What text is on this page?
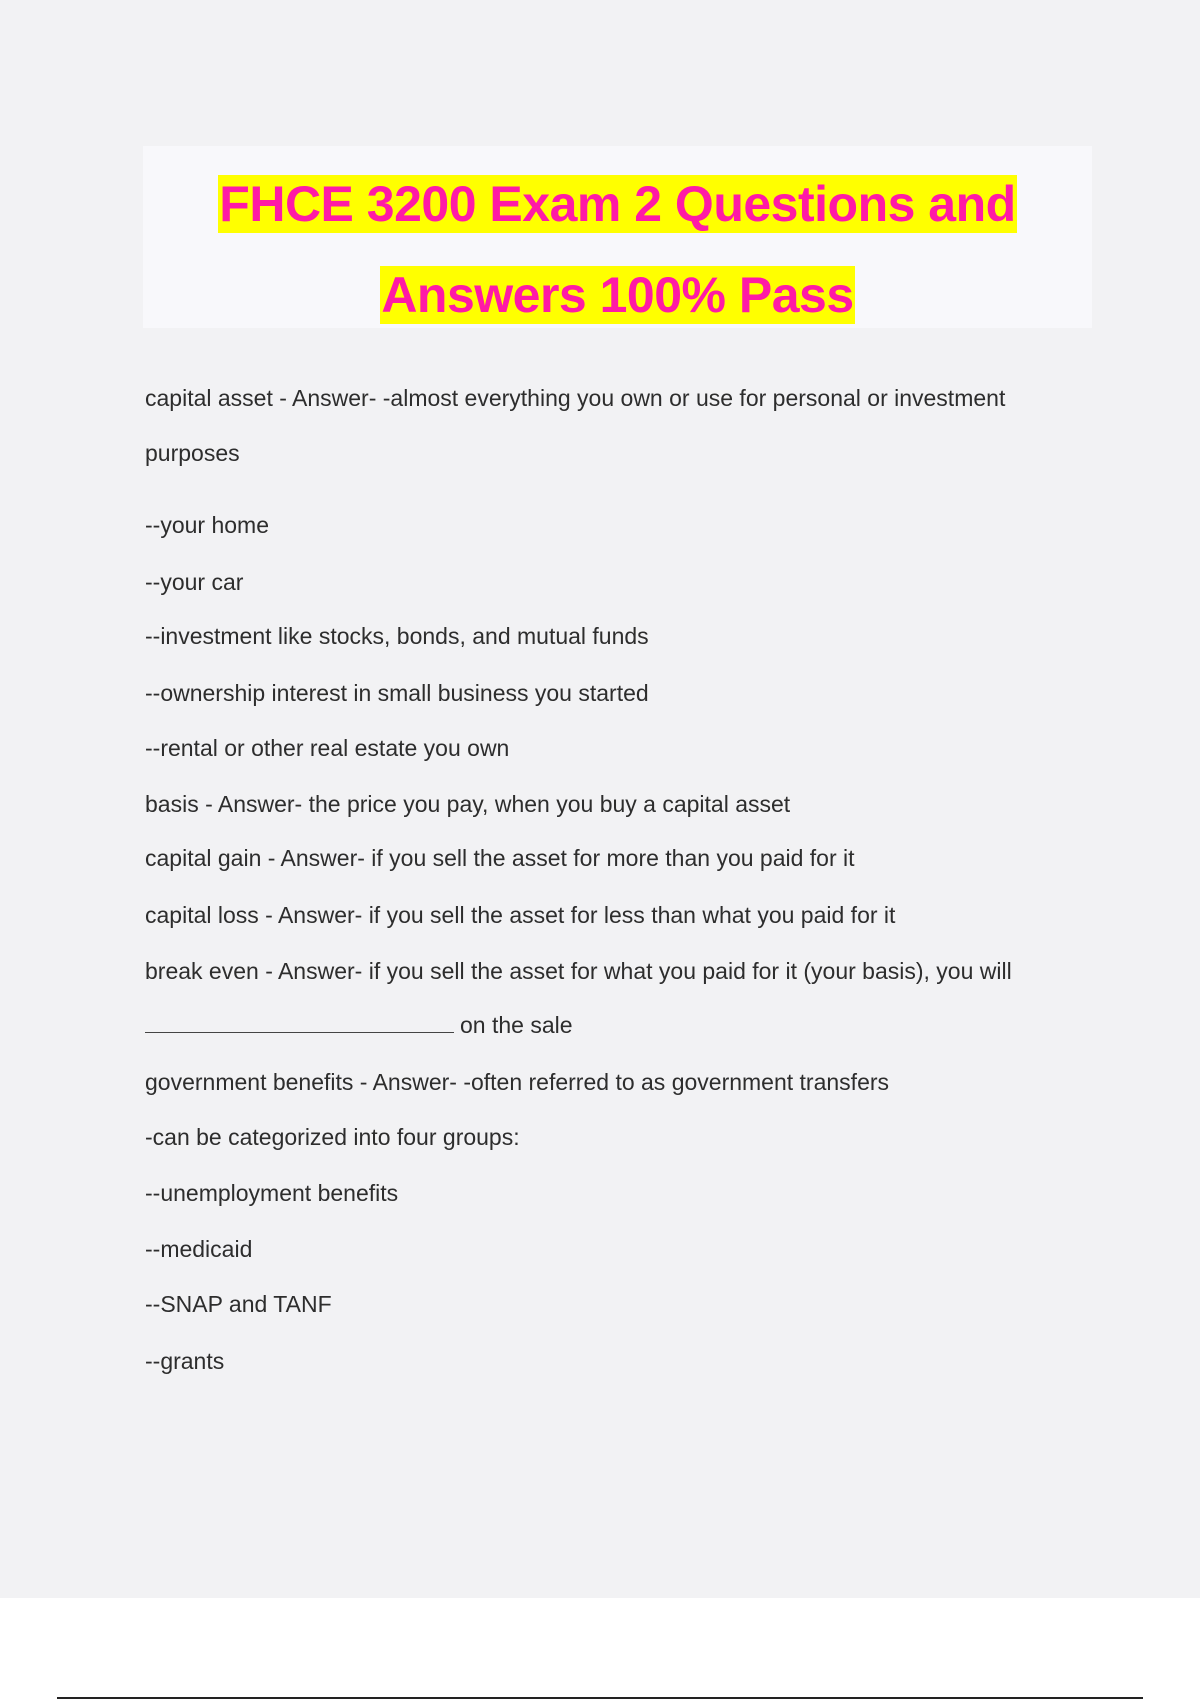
FHCE 3200 Exam 2 Questions and
Answers 100% Pass

capital asset - Answer- -almost everything you own or use for personal or investment

purposes

--your home

--your car

--investment like stocks, bonds, and mutual funds

--ownership interest in small business you started

--rental or other real estate you own

basis - Answer- the price you pay, when you buy a capital asset

capital gain - Answer- if you sell the asset for more than you paid for it

capital loss - Answer- if you sell the asset for less than what you paid for it

break even - Answer- if you sell the asset for what you paid for it (your basis), you will

on the sale

government benefits - Answer- -often referred to as government transfers

-can be categorized into four groups:

--unemployment benefits

--medicaid

--SNAP and TANF

--grants
